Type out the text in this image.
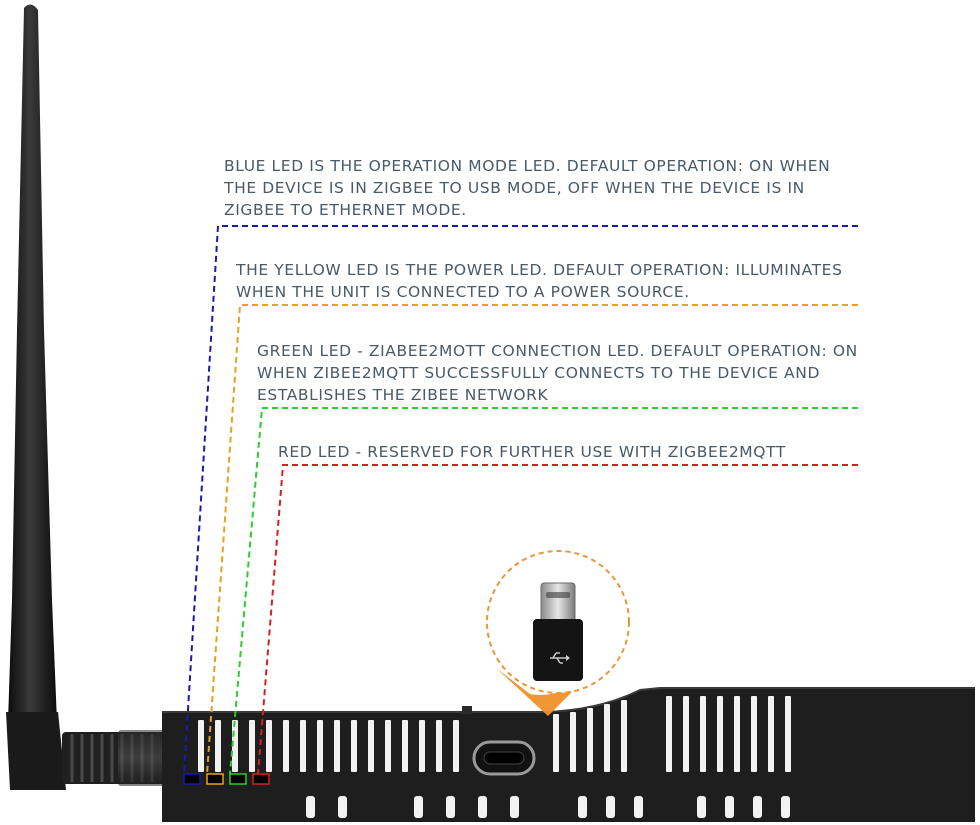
BLUE LED IS THE OPERATION MODE LED. DEFAULT OPERATION: ON WHEN
THE DEVICE IS IN ZIGBEE TO USB MODE, OFF WHEN THE DEVICE IS IN
ZIGBEE TO ETHERNET MODE.

THE YELLOW LED IS THE POWER LED. DEFAULT OPERATION: ILLUMINATES
WHEN THE UNIT IS CONNECTED TO A POWER SOURCE.

GREEN LED - ZIABEE2MOTT CONNECTION LED. DEFAULT OPERATION: ON
WHEN ZIBEE2MQTT SUCCESSFULLY CONNECTS TO THE DEVICE AND
ESTABLISHES THE ZIBEE NETWORK

RED LED - RESERVED FOR FURTHER USE WITH ZIGBEE2MQTT
